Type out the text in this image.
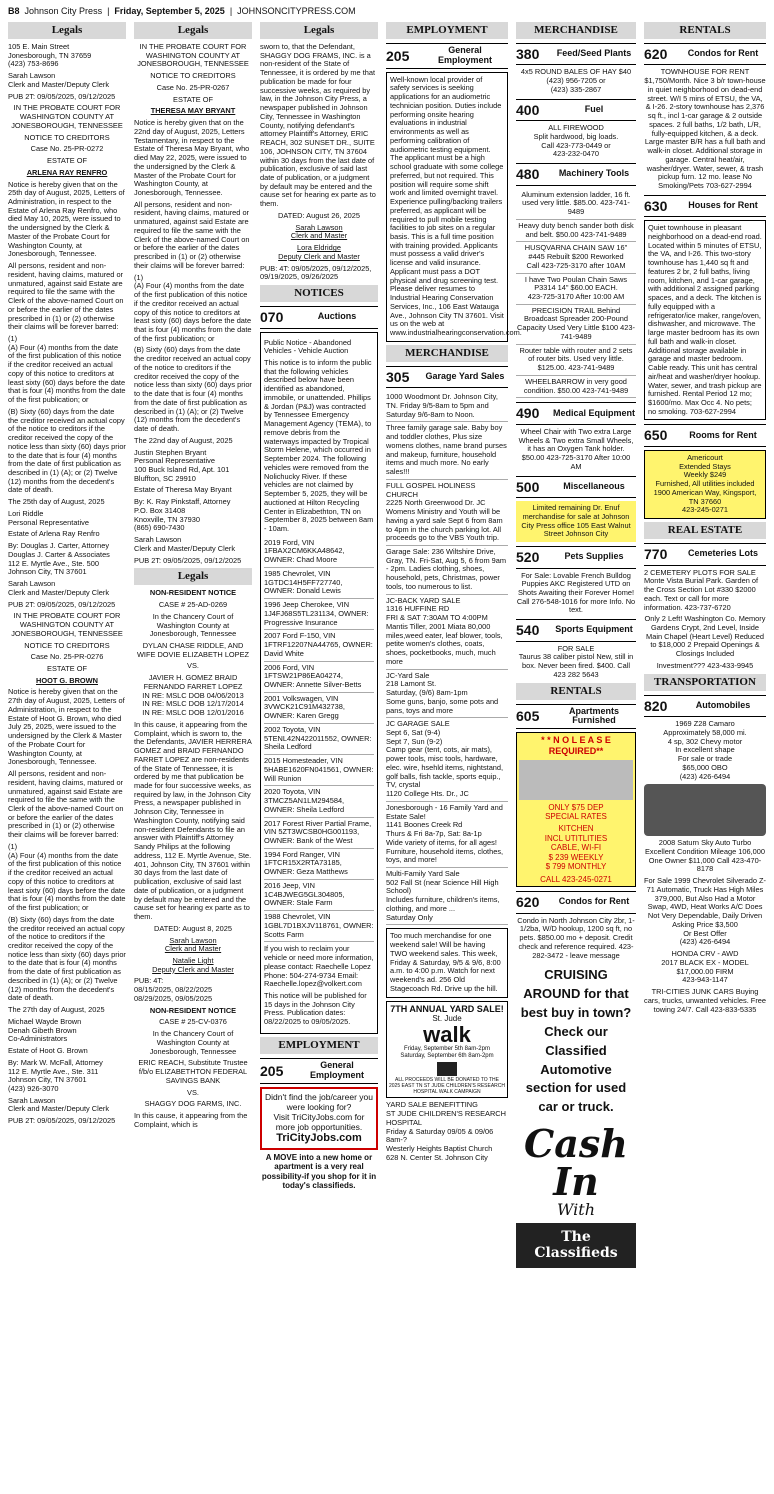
B8 Johnson City Press  |  Friday, September 5, 2025  |  JOHNSONCITYPRESS.COM
Legals
105 E. Main Street
Jonesborough, TN 37659
(423) 753-8696
Sarah Lawson
Clerk and Master/Deputy Clerk
PUB 2T: 09/05/2025, 09/12/2025
IN THE PROBATE COURT FOR WASHINGTON COUNTY AT JONESBOROUGH, TENNESSEE
NOTICE TO CREDITORS
Case No. 25-PR-0272
ESTATE OF
ARLENA RAY RENFRO
Notice is hereby given that on the 25th day of August, 2025, Letters of Administration, in respect to the Estate of Arlena Ray Renfro, who died May 10, 2025, were issued to the undersigned by the Clerk & Master of the Probate Court for Washington County, at Jonesborough, Tennessee.
All persons, resident and non-resident, having claims, matured or unmatured, against said Estate are required to file the same with the Clerk of the above-named Court on or before the earlier of the dates prescribed in (1) or (2) otherwise their claims will be forever barred:
(1)
(A) Four (4) months from the date of the first publication of this notice if the creditor received an actual copy of this notice to creditors at least sixty (60) days before the date that is four (4) months from the date of the first publication; or
(B) Sixty (60) days from the date the creditor received an actual copy of the notice to creditors if the creditor received the copy of the notice less than sixty (60) days prior to the date that is four (4) months from the date of first publication as described in (1) (A); or (2) Twelve (12) months from the decedent's date of death.
The 25th day of August, 2025
Lori Riddle
Personal Representative
Estate of Arlena Ray Renfro
By: Douglas J. Carter, Attorney
Douglas J. Carter & Associates
112 E. Myrtle Ave., Ste. 500
Johnson City, TN 37601
Sarah Lawson
Clerk and Master/Deputy Clerk
PUB 2T: 09/05/2025, 09/12/2025
IN THE PROBATE COURT FOR WASHINGTON COUNTY AT JONESBOROUGH, TENNESSEE
NOTICE TO CREDITORS
Case No. 25-PR-0276
ESTATE OF
HOOT G. BROWN
Notice is hereby given that on the 27th day of August, 2025, Letters of Administration, in respect to the Estate of Hoot G. Brown, who died July 25, 2025, were issued to the undersigned by the Clerk & Master of the Probate Court for Washington County, at Jonesborough, Tennessee.
All persons, resident and non-resident, having claims, matured or unmatured, against said Estate are required to file the same with the Clerk of the above-named Court on or before the earlier of the dates prescribed in (1) or (2) otherwise their claims will be forever barred:
(1)
(A) Four (4) months from the date of the first publication of this notice if the creditor received an actual copy of this notice to creditors at least sixty (60) days before the date that is four (4) months from the date of the first publication; or
(B) Sixty (60) days from the date the creditor received an actual copy of the notice to creditors if the creditor received the copy of the notice less than sixty (60) days prior to the date that is four (4) months from the date of first publication as described in (1) (A); or (2) Twelve (12) months from the decedent's date of death.
The 27th day of August, 2025
Michael Wayde Brown
Denah Gibeth Brown
Co-Administrators
Estate of Hoot G. Brown
By: Mark W. McFall, Attorney
112 E. Myrtle Ave., Ste. 311
Johnson City, TN 37601
(423) 926-3070
Sarah Lawson
Clerk and Master/Deputy Clerk
PUB 2T: 09/05/2025, 09/12/2025
Legals
IN THE PROBATE COURT FOR WASHINGTON COUNTY AT JONESBOROUGH, TENNESSEE
NOTICE TO CREDITORS
Case No. 25-PR-0267
ESTATE OF
THERESA MAY BRYANT
Notice is hereby given that on the 22nd day of August, 2025, Letters Testamentary, in respect to the Estate of Theresa May Bryant, who died May 22, 2025, were issued to the undersigned by the Clerk & Master of the Probate Court for Washington County, at Jonesborough, Tennessee.
All persons, resident and non-resident, having claims, matured or unmatured, against said Estate are required to file the same with the Clerk of the above-named Court on or before the earlier of the dates prescribed in (1) or (2) otherwise their claims will be forever barred:
(1)
(A) Four (4) months from the date of the first publication of this notice if the creditor received an actual copy of this notice to creditors at least sixty (60) days before the date that is four (4) months from the date of the first publication; or
(B) Sixty (60) days from the date the creditor received an actual copy of the notice to creditors if the creditor received the copy of the notice less than sixty (60) days prior to the date that is four (4) months from the date of first publication as described in (1) (A); or (2) Twelve (12) months from the decedent's date of death.
The 22nd day of August, 2025
Justin Stephen Bryant
Personal Representative
100 Buck Island Rd, Apt. 101
Bluffton, SC 29910
Estate of Theresa May Bryant
By: K. Ray Pinkstaff, Attorney
P.O. Box 31408
Knoxville, TN 37930
(865) 690-7430
Sarah Lawson
Clerk and Master/Deputy Clerk
PUB 2T: 09/05/2025, 09/12/2025
Legals
NON-RESIDENT NOTICE
CASE # 25-AD-0269
In the Chancery Court of Washington County at Jonesborough, Tennessee
DYLAN CHASE RIDDLE, AND WIFE DOVIE ELIZABETH LOPEZ
VS.
JAVIER H. GOMEZ BRAID FERNANDO FARRET LOPEZ
IN RE: MSLC DOB 04/06/2013
IN RE: MSLC DOB 12/17/2014
IN RE: MSLC DOB 12/01/2016
In this cause, it appearing from the Complaint, which is sworn to, the the Defendants, JAVIER HERRERA GOMEZ and BRAID FERNANDO FARRET LOPEZ are non-residents of the State of Tennessee, it is ordered by me that publication be made for four successive weeks, as required by law, in the Johnson City Press, a newspaper published in Johnson City, Tennessee in Washington County, notifying said non-resident Defendants to file an answer with Plaintiff's Attorney Sandy Philips at the following address, 112 E. Myrtle Avenue, Ste. 401, Johnson City, TN 37601 within 30 days from the last date of publication, exclusive of said last date of publication, or a judgment by default may be entered and the cause set for hearing ex parte as to them.
DATED: August 8, 2025
Sarah Lawson
Clerk and Master
Natalie Light
Deputy Clerk and Master
PUB: 4T:
08/15/2025, 08/22/2025
08/29/2025, 09/05/2025
NON-RESIDENT NOTICE
CASE # 25-CV-0376
In the Chancery Court of Washington County at Jonesborough, Tennessee
ERIC REACH, Substitute Trustee f/b/o ELIZABETHTON FEDERAL SAVINGS BANK
VS.
SHAGGY DOG FARMS, INC.
In this cause, it appearing from the Complaint, which is
Legals
sworn to, that the Defendant, SHAGGY DOG FRAMS, INC. is a non-resident of the State of Tennessee, it is ordered by me that publication be made for four successive weeks, as required by law, in the Johnson City Press, a newspaper published in Johnson City, Tennessee in Washington County, notifying defendant's attorney Plaintiff's Attorney, ERIC REACH, 302 SUNSET DR., SUITE 106, JOHNSON CITY, TN 37604 within 30 days from the last date of publication, exclusive of said last date of publication, or a judgment by default may be entered and the cause set for hearing ex parte as to them.
DATED: August 26, 2025
Sarah Lawson
Clerk and Master
Lora Eldridge
Deputy Clerk and Master
PUB: 4T: 09/05/2025, 09/12/2025, 09/19/2025, 09/26/2025
NOTICES
070	Auctions
Public Notice - Abandoned Vehicles - Vehicle Auction
This notice is to inform the public that the following vehicles described below have been identified as abandoned, immobile, or unattended. Phillips & Jordan (P&J) was contracted by Tennessee Emergency Management Agency (TEMA), to remove debris from the waterways impacted by Tropical Storm Helene, which occurred in September 2024. The following vehicles were removed from the Nolichucky River. If these vehicles are not claimed by September 5, 2025, they will be auctioned at Hilton Recycling Center in Elizabethton, TN on September 8, 2025 between 8am - 10am.
2019 Ford, VIN 1FBAX2CM6KKA48642, OWNER: Chad Moore
1985 Chevrolet, VIN 1GTDC14H5FF727740, OWNER: Donald Lewis
1996 Jeep Cherokee, VIN 1J4FJ68S5TL231134, OWNER: Progressive Insurance
2007 Ford F-150, VIN 1FTRF12207NA44765, OWNER: David White
2006 Ford, VIN 1FTSW21P86EA04274, OWNER: Annette Silver-Betts
2001 Volkswagen, VIN 3VWCK21C91M432738, OWNER: Karen Gregg
2002 Toyota, VIN 5TENL42N422011552, OWNER: Sheila Ledford
2015 Homesteader, VIN 5HABE1620FN041561, OWNER: Will Runion
2020 Toyota, VIN 3TMCZ5AN1LM294584, OWNER: Sheila Ledford
2017 Forest River Partial Frame, VIN 5ZT3WCSB0HG001193, OWNER: Bank of the West
1994 Ford Ranger, VIN 1FTCR15X2RTA73185, OWNER: Geza Matthews
2016 Jeep, VIN 1C4BJWEG5GL304805, OWNER: Stale Farm
1988 Chevrolet, VIN 1GBL7D1BXJV118761, OWNER: Scotts Farm
If you wish to reclaim your vehicle or need more information, please contact: Raechelle Lopez Phone: 504-274-9734 Email: Raechelle.lopez@volkert.com
This notice will be published for 15 days in the Johnson City Press. Publication dates: 08/22/2025 to 09/05/2025.
EMPLOYMENT
205	General Employment
Didn't find the job/career you were looking for?
Visit TriCityJobs.com for more job opportunities.
TriCityJobs.com
A MOVE into a new home or apartment is a very real possibility-if you shop for it in today's classifieds.
EMPLOYMENT
205	General Employment
Well-known local provider of safety services is seeking applications for an audiometric technician position. Duties include performing onsite hearing evaluations in industrial environments as well as performing calibration of audiometric testing equipment. The applicant must be a high school graduate with some college preferred, but not required. This position will require some shift work and limited overnight travel. Experience pulling/backing trailers preferred, as applicant will be required to pull mobile testing facilities to job sites on a regular basis. This is a full time position with training provided. Applicants must possess a valid driver's license and valid insurance. Applicant must pass a DOT physical and drug screening test. Please deliver resumes to Industrial Hearing Conservation Services, Inc., 106 East Watauga Ave., Johnson City TN 37601. Visit us on the web at www.industrialhearingconservation.com.
MERCHANDISE
305	Garage Yard Sales
1000 Woodmont Dr. Johnson City, TN. Friday 9/5-8am to 5pm and Saturday 9/6-8am to Noon.
Three family garage sale. Baby boy and toddler clothes, Plus size womens clothes, name brand purses and makeup, furniture, household items and much more. No early sales!!!
FULL GOSPEL HOLINESS CHURCH
2225 North Greenwood Dr. JC
Womens Ministry and Youth will be having a yard sale Sept 6 from 8am to 4pm in the church parking lot. All proceeds go to the VBS Youth trip.
Garage Sale: 236 Wiltshire Drive, Gray, TN. Fri-Sat, Aug 5, 6 from 9am - 2pm. Ladies clothing, shoes, household, pets, Christmas, power tools, too numerous to list.
JC-BACK YARD SALE
1316 HUFFINE RD
FRI & SAT 7:30AM TO 4:00PM
Mantis Tiller, 2001 Miata 80,000 miles,weed eater, leaf blower, tools, petite women's clothes, coats, shoes, pocketbooks, much, much more
JC-Yard Sale
218 Lamont St.
Saturday, (9/6) 8am-1pm
Some guns, banjo, some pots and pans, toys and more
JC GARAGE SALE
Sept 6, Sat (9-4)
Sept 7, Sun (9-2)
Camp gear (tent, cots, air mats), power tools, misc tools, hardware, elec. wire, hsehld items, nightstand, golf balls, fish tackle, sports equip., TV, crystal
1120 College Hts. Dr., JC
Jonesborough - 16 Family Yard and Estate Sale!
1141 Boones Creek Rd
Thurs & Fri 8a-7p, Sat: 8a-1p
Wide variety of items, for all ages! Furniture, household items, clothes, toys, and more!
Multi-Family Yard Sale
502 Fall St (near Science Hill High School)
Includes furniture, children's items, clothing, and more ...
Saturday Only
Too much merchandise for one weekend sale! Will be having TWO weekend sales. This week, Friday & Saturday, 9/5 & 9/6, 8:00 a.m. to 4:00 p.m. Watch for next weekend's ad. 256 Old Stagecoach Rd. Drive up the hill.
7TH ANNUAL YARD SALE!
St. Jude
walk
Friday, September 5th 8am-2pm
Saturday, September 6th 8am-2pm
ALL PROCEEDS WILL BE DONATED TO THE 2025 EAST TN ST JUDE CHILDREN'S RESEARCH HOSPITAL WALK CAMPAIGN
YARD SALE BENEFITTING
ST JUDE CHILDREN'S RESEARCH HOSPITAL
Friday & Saturday 09/05 & 09/06 8am-?
Westerly Heights Baptist Church
628 N. Center St. Johnson City
MERCHANDISE
380	Feed/Seed Plants
4x5 ROUND BALES OF HAY $40
(423) 956-7205 or
(423) 335-2867
400	Fuel
ALL FIREWOOD
Split hardwood, big loads.
Call 423-773-0449 or
423-232-0470
480	Machinery Tools
Aluminum extension ladder, 16 ft. used very little. $85.00. 423-741-9489
Heavy duty bench sander both disk and belt. $50.00 423-741-9489
HUSQVARNA CHAIN SAW 16" #445 Rebuilt $200 Reworked
Call 423-725-3170 after 10AM
I have Two Poulan Chain Saws
P3314 14" $60.00 EACH.
423-725-3170 After 10:00 AM
PRECISION TRAIL Behind Broadcast Spreader 200-Pound Capacity Used Very Little $100 423-741-9489
Router table with router and 2 sets of router bits. Used very little. $125.00. 423-741-9489
WHEELBARROW in very good condition. $50.00 423-741-9489
490	Medical Equipment
Wheel Chair with Two extra Large Wheels & Two extra Small Wheels, it has an Oxygen Tank holder. $50.00 423-725-3170 After 10:00 AM
500	Miscellaneous
Limited remaining Dr. Enuf merchandise for sale at Johnson City Press office 105 East Walnut Street Johnson City
520	Pets Supplies
For Sale: Lovable French Bulldog Puppies AKC Registered UTD on Shots Awaiting their Forever Home! Call 276-548-1016 for more Info. No text.
540	Sports Equipment
FOR SALE
Taurus 38 caliber pistol New, still in box. Never been fired. $400. Call 423 282 5643
RENTALS
605	Apartments Furnished
* * N O L E A S E REQUIRED**
ONLY $75 DEP
SPECIAL RATES
KITCHEN
INCL UTITLITIES
CABLE, WI-FI
$ 239 WEEKLY
$ 799 MONTHLY
CALL 423-245-0271
620	Condos for Rent
Condo in North Johnson City 2br, 1-1/2ba, W/D hookup, 1200 sq ft, no pets. $850.00 mo + deposit. Credit check and reference required. 423-282-3472 - leave message
CRUISING AROUND for that best buy in town? Check our Classified Automotive section for used car or truck.
Cash In
With
The Classifieds
RENTALS
620	Condos for Rent
TOWNHOUSE FOR RENT $1,750/Month. Nice 3 b/r town-house in quiet neighborhood on dead-end street. W/I 5 mins of ETSU, the VA, & I-26. 2-story townhouse has 2,376 sq ft., incl 1-car garage & 2 outside spaces. 2 full baths, 1/2 bath, L/R, fully-equipped kitchen, & a deck. Large master B/R has a full bath and walk-in closet. Additional storage in garage. Central heat/air, washer/dryer. Water, sewer, & trash pickup furn. 12 mo. lease No Smoking/Pets 703-627-2994
630	Houses for Rent
Quiet townhouse in pleasant neighborhood on a dead-end road. Located within 5 minutes of ETSU, the VA, and I-26. This two-story townhouse has 1,440 sq ft and features 2 br, 2 full baths, living room, kitchen, and 1-car garage, with additional 2 assigned parking spaces, and a deck. The kitchen is fully equipped with a refrigerator/ice maker, range/oven, dishwasher, and microwave. The large master bedroom has its own full bath and walk-in closet. Additional storage available in garage and master bedroom. Cable ready. This unit has central air/heat and washer/dryer hookup. Water, sewer, and trash pickup are furnished. Rental Period 12 mo; $1600/mo. Max Occ 4. No pets; no smoking. 703-627-2994
650	Rooms for Rent
Americourt
Extended Stays
Weekly $249
Furnished, All utilities included
1900 American Way, Kingsport, TN 37660
423-245-0271
REAL ESTATE
770	Cemeteries Lots
2 CEMETERY PLOTS FOR SALE Monte Vista Burial Park. Garden of the Cross Section Lot #330 $2000 each. Text or call for more information. 423-737-6720
Only 2 Left! Washington Co. Memory Gardens Crypt, 2nd Level, Inside Main Chapel (Heart Level) Reduced to $18,000 2 Prepaid Openings & Closings Included
Investment??? 423-433-9945
TRANSPORTATION
820	Automobiles
1969 Z28 Camaro
Approximately 58,000 mi.
4 sp, 302 Chevy motor
In excellent shape
For sale or trade
$65,000 OBO
(423) 426-6494
2008 Saturn Sky Auto Turbo Excellent Condition Mileage 106,000 One Owner $11,000 Call 423-470-8178
For Sale 1999 Chevrolet Silverado Z-71 Automatic, Truck Has High Miles 379,000, But Also Had a Motor Swap, 4WD, Heat Works A/C Does Not Very Dependable, Daily Driven
Asking Price $3,500
Or Best Offer
(423) 426-6494
HONDA CRV - AWD
2017 BLACK EX - MODEL
$17,000.00 FIRM
423-943-1147
TRI-CITIES JUNK CARS Buying cars, trucks, unwanted vehicles. Free towing 24/7. Call 423-833-5335
